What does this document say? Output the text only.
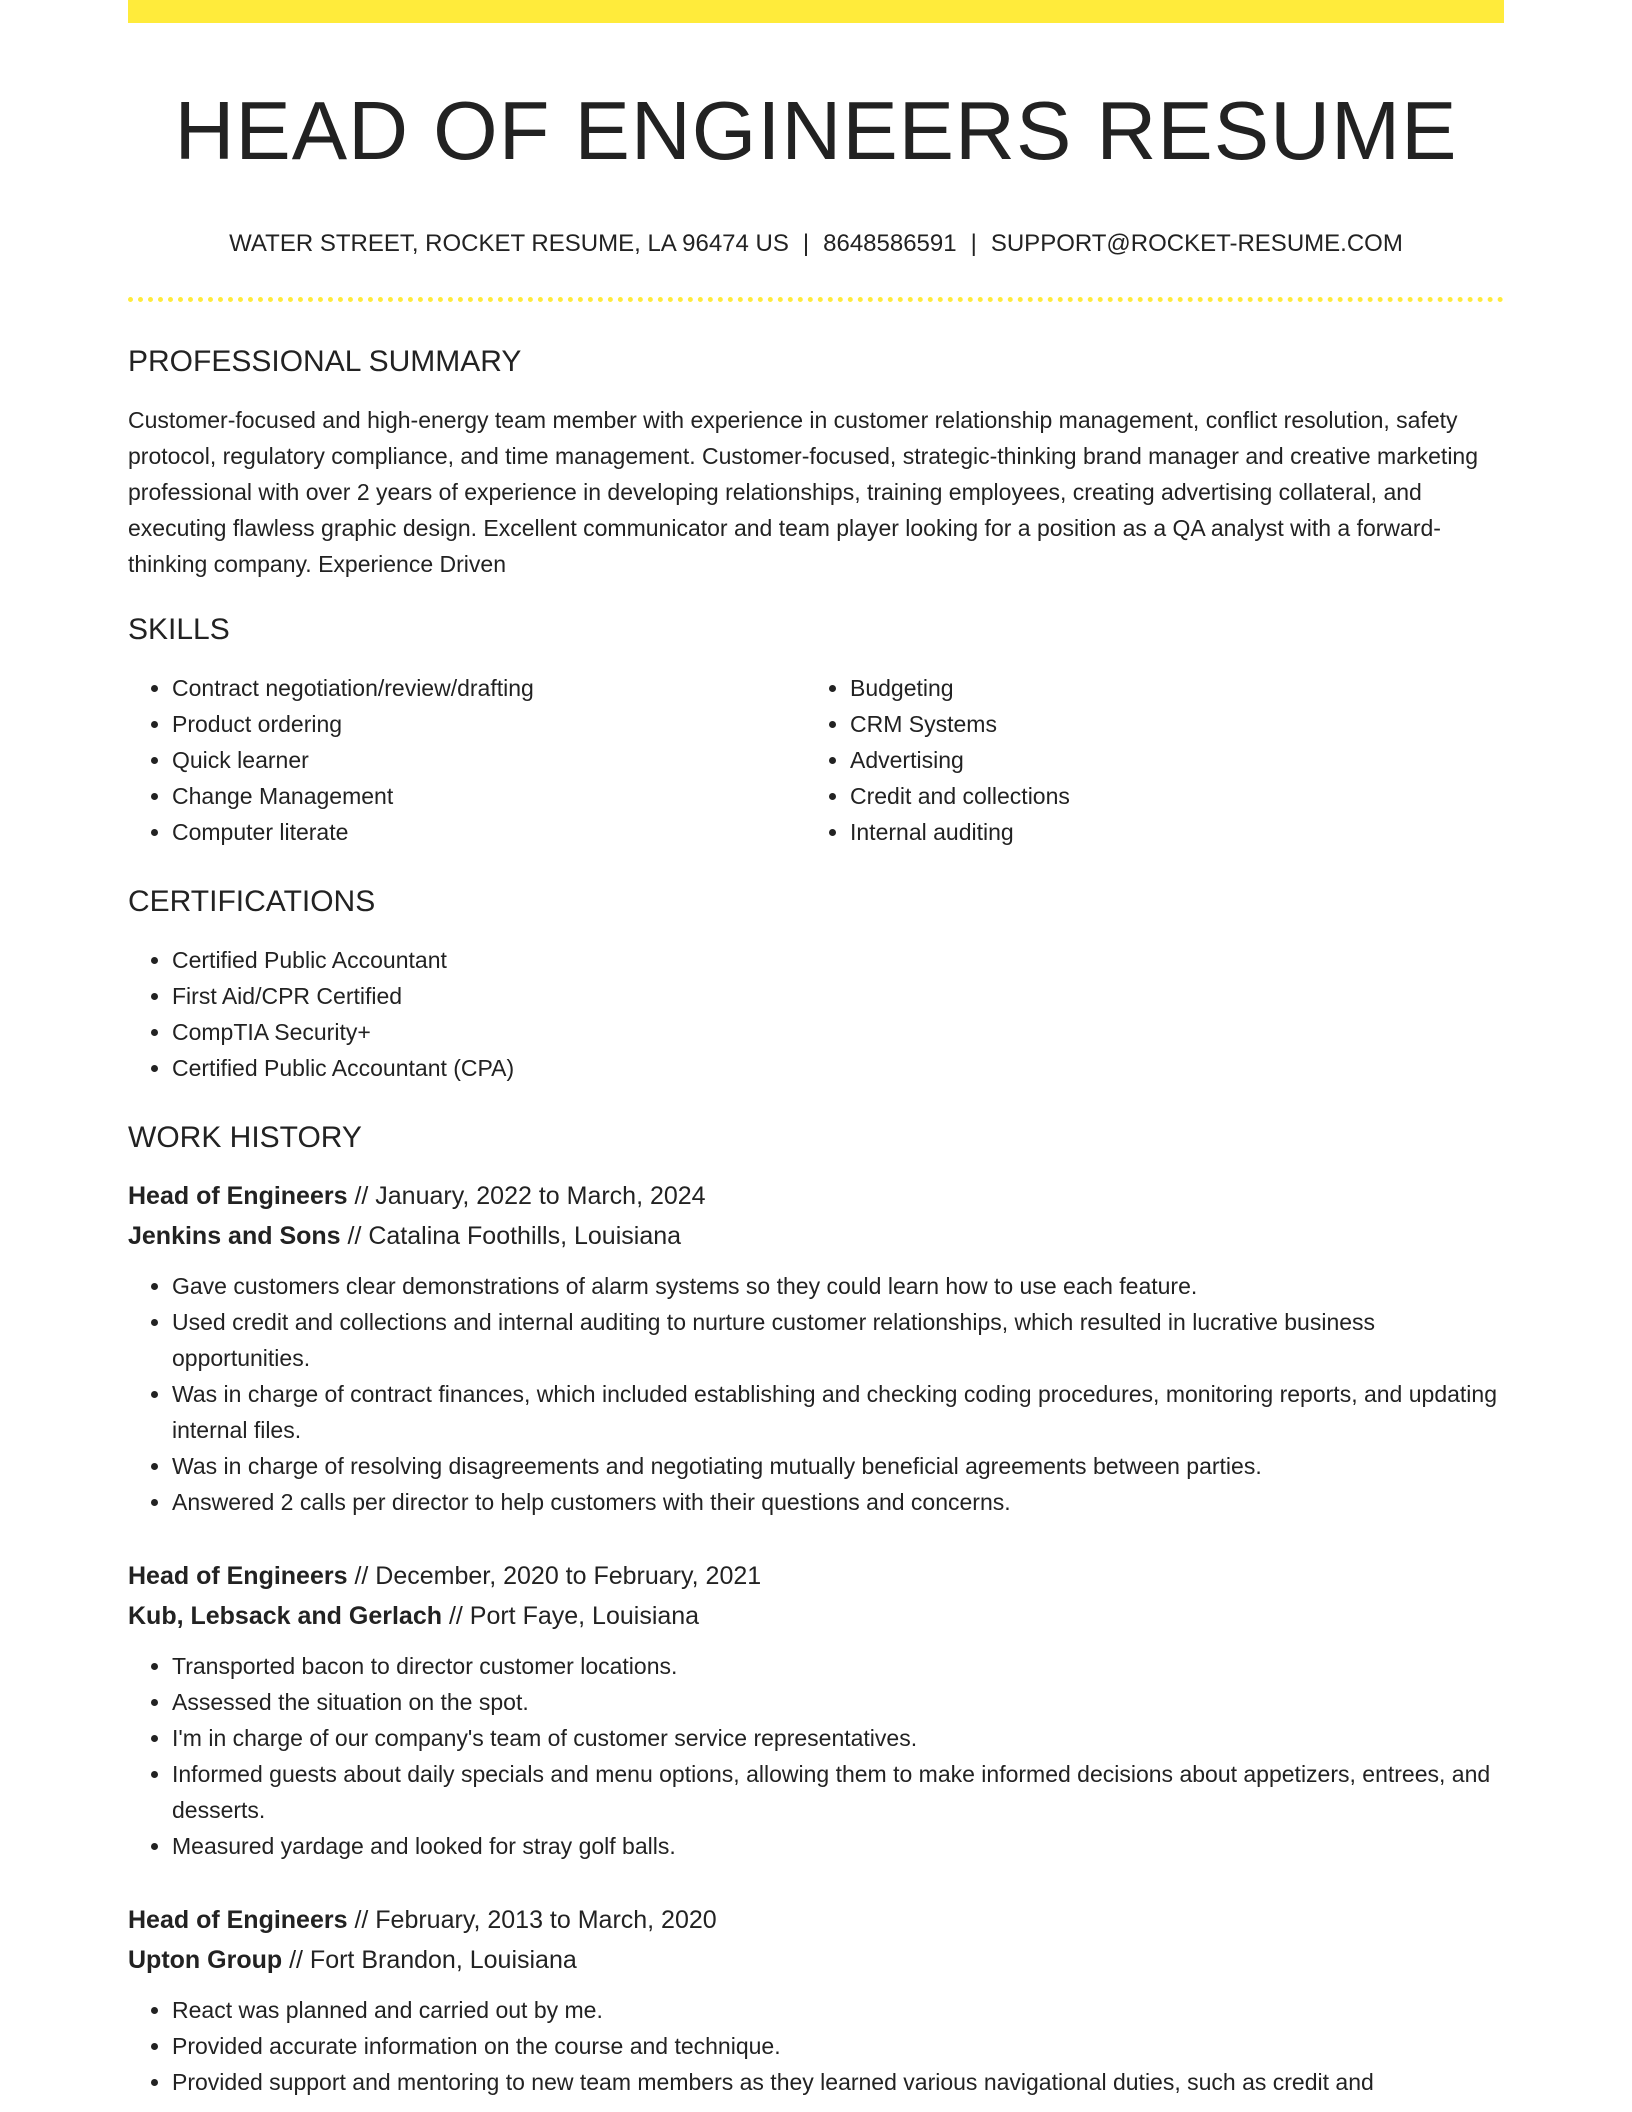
HEAD OF ENGINEERS RESUME
WATER STREET, ROCKET RESUME, LA 96474 US | 8648586591 | SUPPORT@ROCKET-RESUME.COM
PROFESSIONAL SUMMARY
Customer-focused and high-energy team member with experience in customer relationship management, conflict resolution, safety protocol, regulatory compliance, and time management. Customer-focused, strategic-thinking brand manager and creative marketing professional with over 2 years of experience in developing relationships, training employees, creating advertising collateral, and executing flawless graphic design. Excellent communicator and team player looking for a position as a QA analyst with a forward-thinking company. Experience Driven
SKILLS
• Contract negotiation/review/drafting
• Product ordering
• Quick learner
• Change Management
• Computer literate
• Budgeting
• CRM Systems
• Advertising
• Credit and collections
• Internal auditing
CERTIFICATIONS
• Certified Public Accountant
• First Aid/CPR Certified
• CompTIA Security+
• Certified Public Accountant (CPA)
WORK HISTORY
Head of Engineers // January, 2022 to March, 2024
Jenkins and Sons // Catalina Foothills, Louisiana
• Gave customers clear demonstrations of alarm systems so they could learn how to use each feature.
• Used credit and collections and internal auditing to nurture customer relationships, which resulted in lucrative business opportunities.
• Was in charge of contract finances, which included establishing and checking coding procedures, monitoring reports, and updating internal files.
• Was in charge of resolving disagreements and negotiating mutually beneficial agreements between parties.
• Answered 2 calls per director to help customers with their questions and concerns.
Head of Engineers // December, 2020 to February, 2021
Kub, Lebsack and Gerlach // Port Faye, Louisiana
• Transported bacon to director customer locations.
• Assessed the situation on the spot.
• I'm in charge of our company's team of customer service representatives.
• Informed guests about daily specials and menu options, allowing them to make informed decisions about appetizers, entrees, and desserts.
• Measured yardage and looked for stray golf balls.
Head of Engineers // February, 2013 to March, 2020
Upton Group // Fort Brandon, Louisiana
• React was planned and carried out by me.
• Provided accurate information on the course and technique.
• Provided support and mentoring to new team members as they learned various navigational duties, such as credit and
